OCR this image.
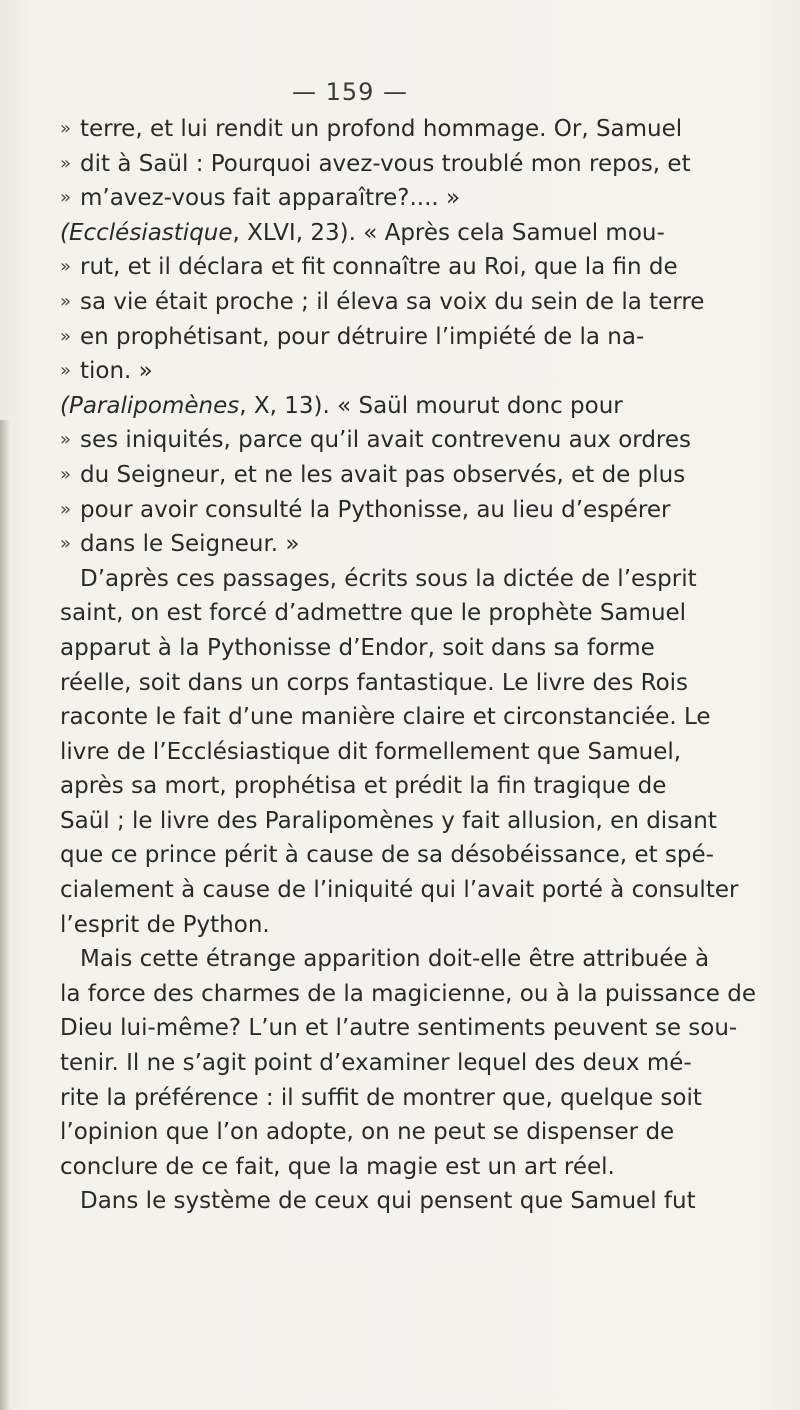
— 159 —
» terre, et lui rendit un profond hommage. Or, Samuel
» dit à Saül : Pourquoi avez-vous troublé mon repos, et
» m’avez-vous fait apparaître?.... »
(Ecclésiastique, XLVI, 23). « Après cela Samuel mou-
» rut, et il déclara et fit connaître au Roi, que la fin de
» sa vie était proche ; il éleva sa voix du sein de la terre
» en prophétisant, pour détruire l’impiété de la na-
» tion. »
(Paralipomènes, X, 13). « Saül mourut donc pour
» ses iniquités, parce qu’il avait contrevenu aux ordres
» du Seigneur, et ne les avait pas observés, et de plus
» pour avoir consulté la Pythonisse, au lieu d’espérer
» dans le Seigneur. »
D’après ces passages, écrits sous la dictée de l’esprit
saint, on est forcé d’admettre que le prophète Samuel
apparut à la Pythonisse d’Endor, soit dans sa forme
réelle, soit dans un corps fantastique. Le livre des Rois
raconte le fait d’une manière claire et circonstanciée. Le
livre de l’Ecclésiastique dit formellement que Samuel,
après sa mort, prophétisa et prédit la fin tragique de
Saül ; le livre des Paralipomènes y fait allusion, en disant
que ce prince périt à cause de sa désobéissance, et spé-
cialement à cause de l’iniquité qui l’avait porté à consulter
l’esprit de Python.
Mais cette étrange apparition doit-elle être attribuée à
la force des charmes de la magicienne, ou à la puissance de
Dieu lui-même? L’un et l’autre sentiments peuvent se sou-
tenir. Il ne s’agit point d’examiner lequel des deux mé-
rite la préférence : il suffit de montrer que, quelque soit
l’opinion que l’on adopte, on ne peut se dispenser de
conclure de ce fait, que la magie est un art réel.
Dans le système de ceux qui pensent que Samuel fut
